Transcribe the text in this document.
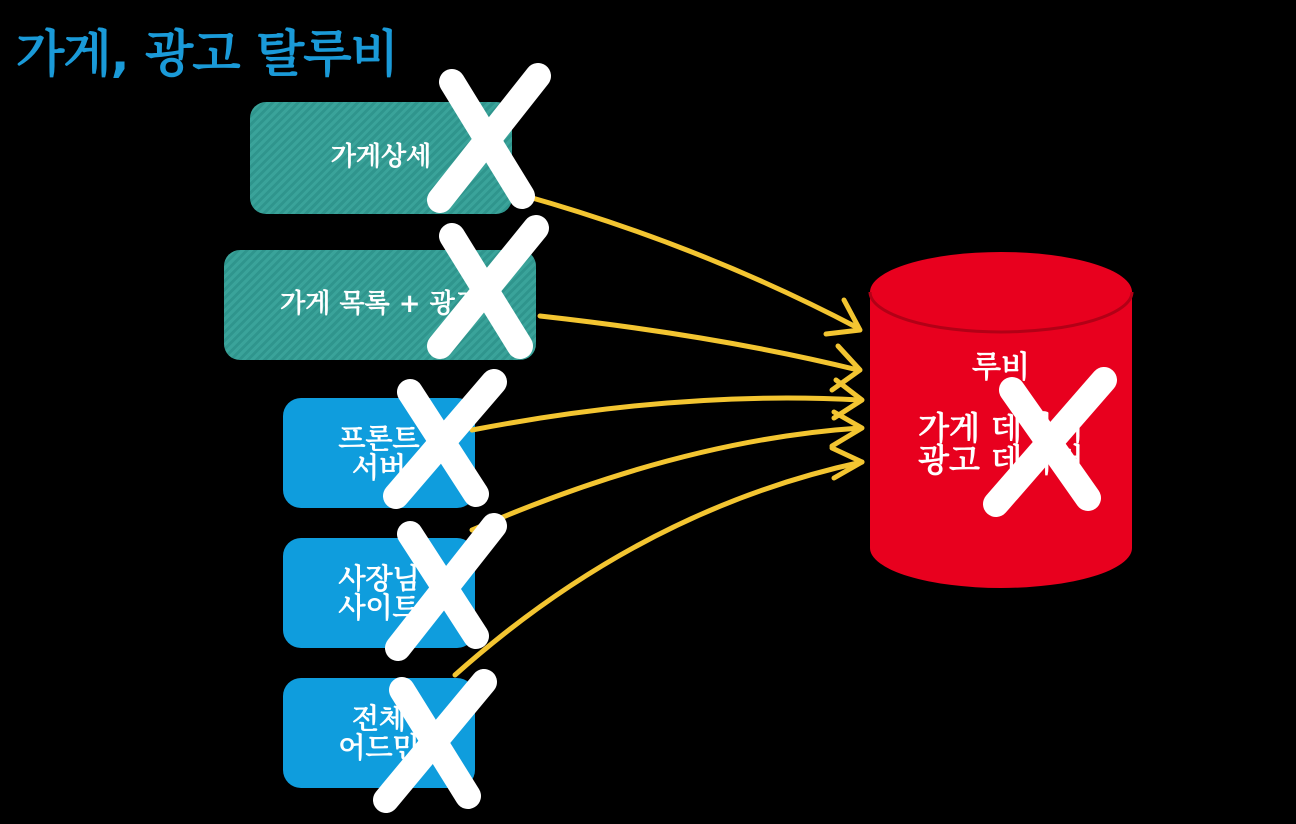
가게, 광고 탈루비
가게상세
가게 목록 + 광고
프론트
서버
사장님
사이트
전체
어드민
루비
가게 데이터
광고 데이터
